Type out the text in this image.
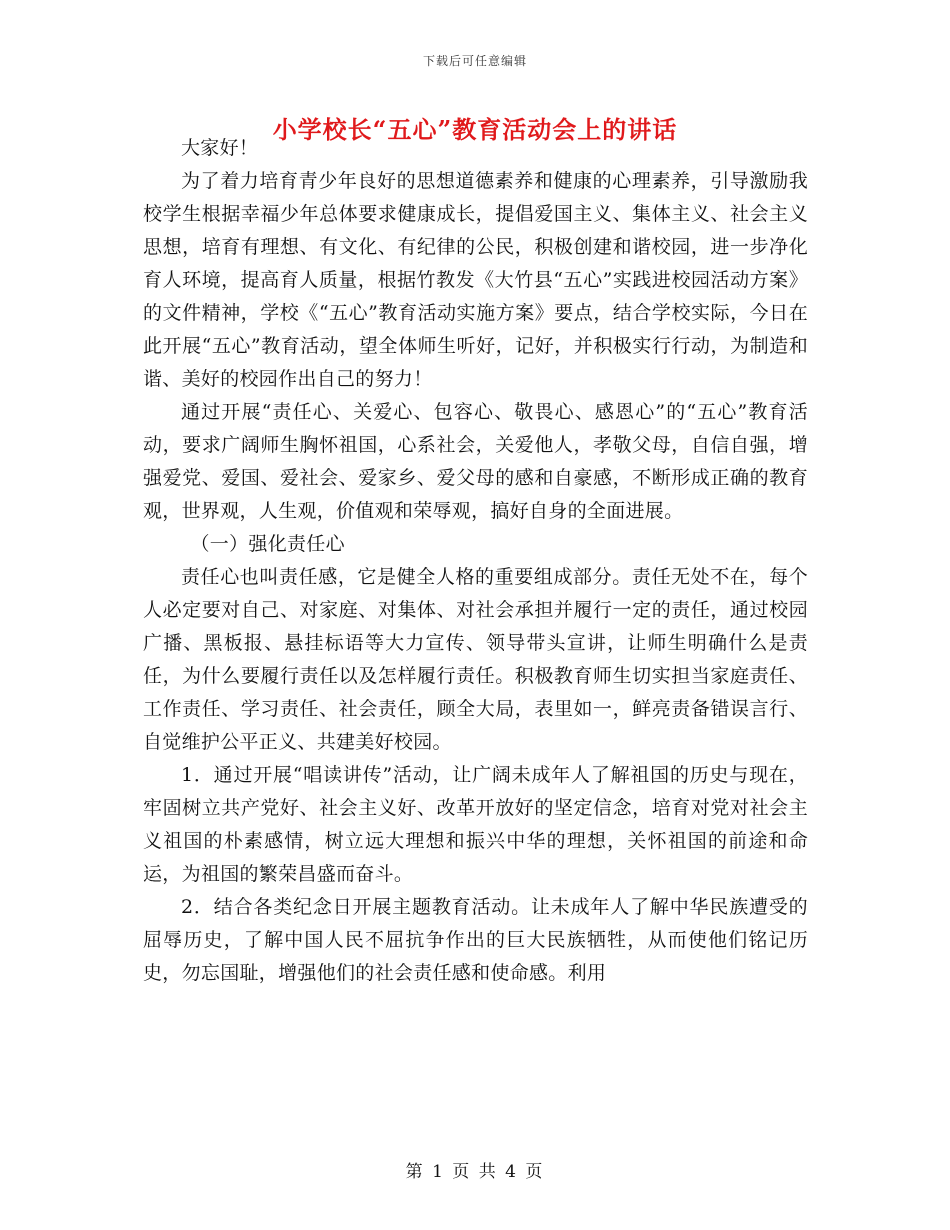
下载后可任意编辑
小学校长“五心”教育活动会上的讲话

大家好！

为了着力培育青少年良好的思想道德素养和健康的心理素养，引导激励我校学生根据幸福少年总体要求健康成长，提倡爱国主义、集体主义、社会主义思想，培育有理想、有文化、有纪律的公民，积极创建和谐校园，进一步净化育人环境，提高育人质量，根据竹教发《大竹县“五心”实践进校园活动方案》的文件精神，学校《“五心”教育活动实施方案》要点，结合学校实际，今日在此开展“五心”教育活动，望全体师生听好，记好，并积极实行行动，为制造和谐、美好的校园作出自己的努力！

通过开展“责任心、关爱心、包容心、敬畏心、感恩心”的“五心”教育活动，要求广阔师生胸怀祖国，心系社会，关爱他人，孝敬父母，自信自强，增强爱党、爱国、爱社会、爱家乡、爱父母的感和自豪感，不断形成正确的教育观，世界观，人生观，价值观和荣辱观，搞好自身的全面进展。

（一）强化责任心

责任心也叫责任感，它是健全人格的重要组成部分。责任无处不在，每个人必定要对自己、对家庭、对集体、对社会承担并履行一定的责任，通过校园广播、黑板报、悬挂标语等大力宣传、领导带头宣讲，让师生明确什么是责任，为什么要履行责任以及怎样履行责任。积极教育师生切实担当家庭责任、工作责任、学习责任、社会责任，顾全大局，表里如一，鲜亮责备错误言行、自觉维护公平正义、共建美好校园。

1．通过开展“唱读讲传”活动，让广阔未成年人了解祖国的历史与现在，牢固树立共产党好、社会主义好、改革开放好的坚定信念，培育对党对社会主义祖国的朴素感情，树立远大理想和振兴中华的理想，关怀祖国的前途和命运，为祖国的繁荣昌盛而奋斗。

2．结合各类纪念日开展主题教育活动。让未成年人了解中华民族遭受的屈辱历史，了解中国人民不屈抗争作出的巨大民族牺牲，从而使他们铭记历史，勿忘国耻，增强他们的社会责任感和使命感。利用

第 1 页 共 4 页
